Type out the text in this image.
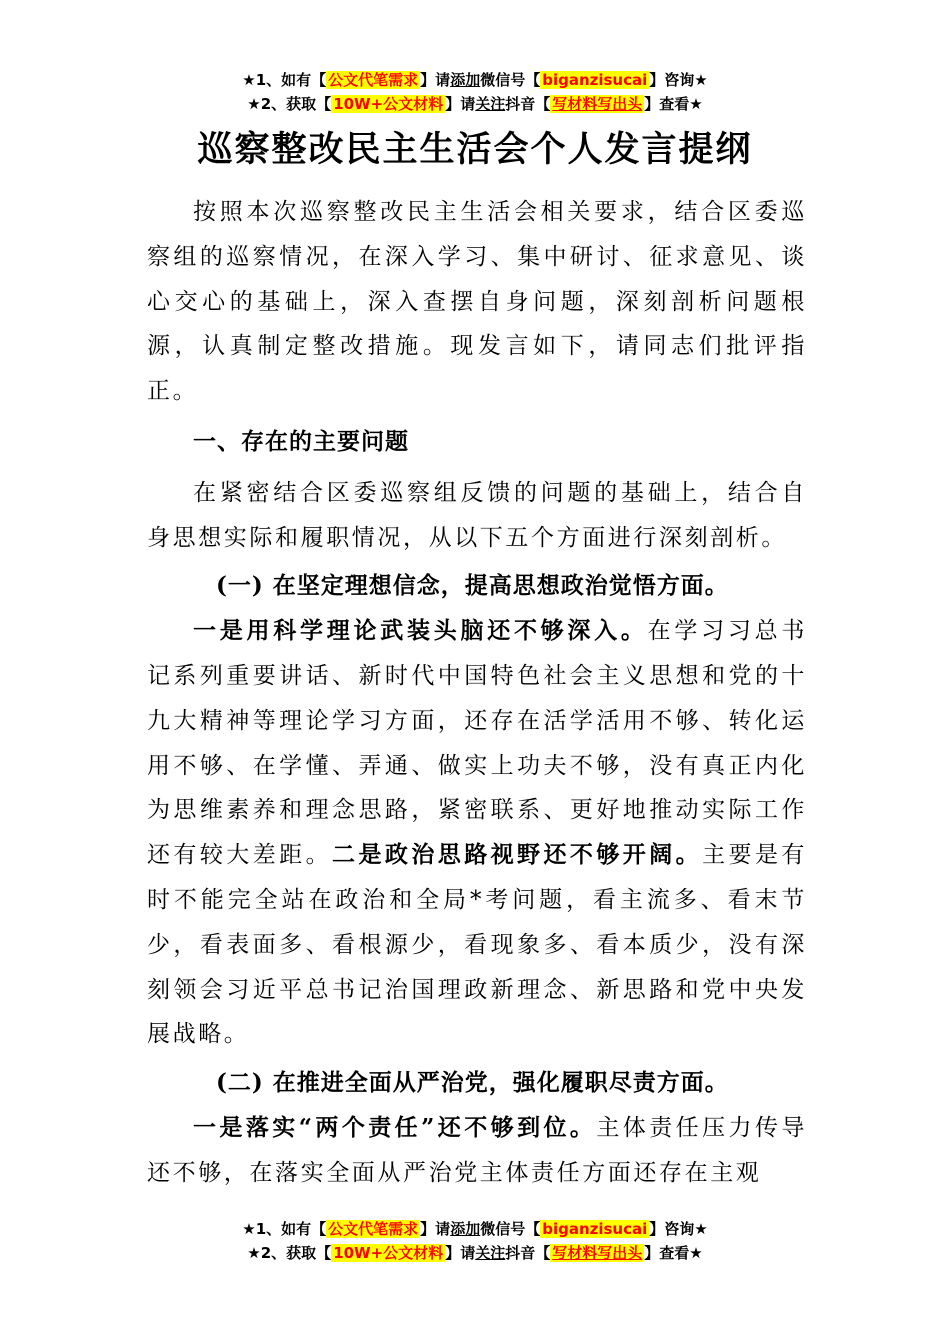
★1、如有【 公文代笔需求 】请添加微信号【 biganzisucai 】咨询★
★2、获取【 10W+公文材料 】请关注抖音【 写材料写出头 】查看★
巡察整改民主生活会个人发言提纲

按照本次巡察整改民主生活会相关要求，结合区委巡察组的巡察情况，在深入学习、集中研讨、征求意见、谈心交心的基础上，深入查摆自身问题，深刻剖析问题根源，认真制定整改措施。现发言如下，请同志们批评指正。

一、存在的主要问题

在紧密结合区委巡察组反馈的问题的基础上，结合自身思想实际和履职情况，从以下五个方面进行深刻剖析。

(一) 在坚定理想信念，提高思想政治觉悟方面。

一是用科学理论武装头脑还不够深入。在学习习总书记系列重要讲话、新时代中国特色社会主义思想和党的十九大精神等理论学习方面，还存在活学活用不够、转化运用不够、在学懂、弄通、做实上功夫不够，没有真正内化为思维素养和理念思路，紧密联系、更好地推动实际工作还有较大差距。二是政治思路视野还不够开阔。主要是有时不能完全站在政治和全局*考问题，看主流多、看末节少，看表面多、看根源少，看现象多、看本质少，没有深刻领会习近平总书记治国理政新理念、新思路和党中央发展战略。

(二) 在推进全面从严治党，强化履职尽责方面。

一是落实“两个责任”还不够到位。主体责任压力传导还不够，在落实全面从严治党主体责任方面还存在主观

★1、如有【 公文代笔需求 】请添加微信号【 biganzisucai 】咨询★
★2、获取【 10W+公文材料 】请关注抖音【 写材料写出头 】查看★
